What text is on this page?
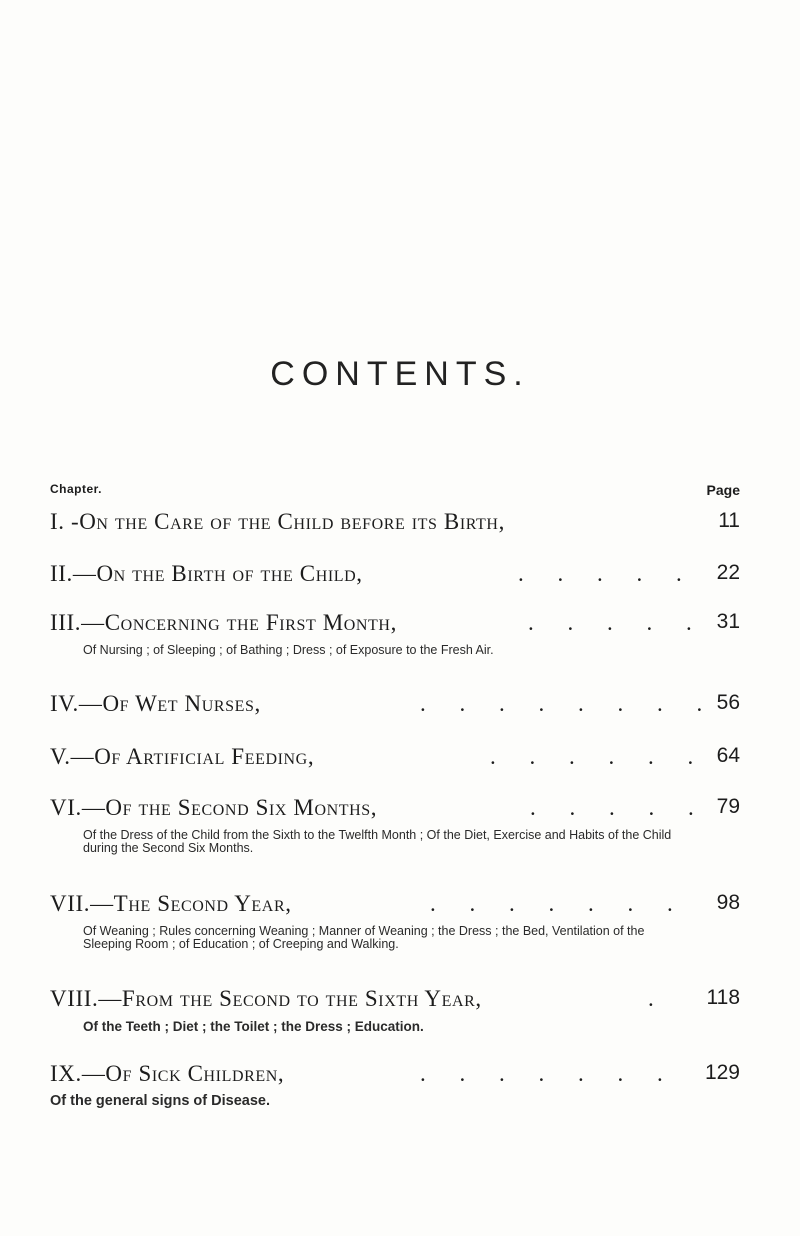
CONTENTS.
Chapter.	Page
I. -On the Care of the Child before its Birth,	11
II.—On the Birth of the Child,	. . . . . 22
III.—Concerning the First Month,	. . . . . 31
Of Nursing ; of Sleeping ; of Bathing ; Dress ; of Exposure to the Fresh Air.
IV.—Of Wet Nurses,	. . . . . . . . 56
V.—Of Artificial Feeding,	. . . . . . 64
VI.—Of the Second Six Months,	. . . . . 79
Of the Dress of the Child from the Sixth to the Twelfth Month ; Of the Diet, Exercise and Habits of the Child during the Second Six Months.
VII.—The Second Year,	. . . . . . . 98
Of Weaning ; Rules concerning Weaning ; Manner of Weaning ; the Dress ; the Bed, Ventilation of the Sleeping Room ; of Education ; of Creeping and Walking.
VIII.—From the Second to the Sixth Year,	. 118
Of the Teeth ; Diet ; the Toilet ; the Dress ; Education.
IX.—Of Sick Children,	. . . . . . . 129
Of the general signs of Disease.
